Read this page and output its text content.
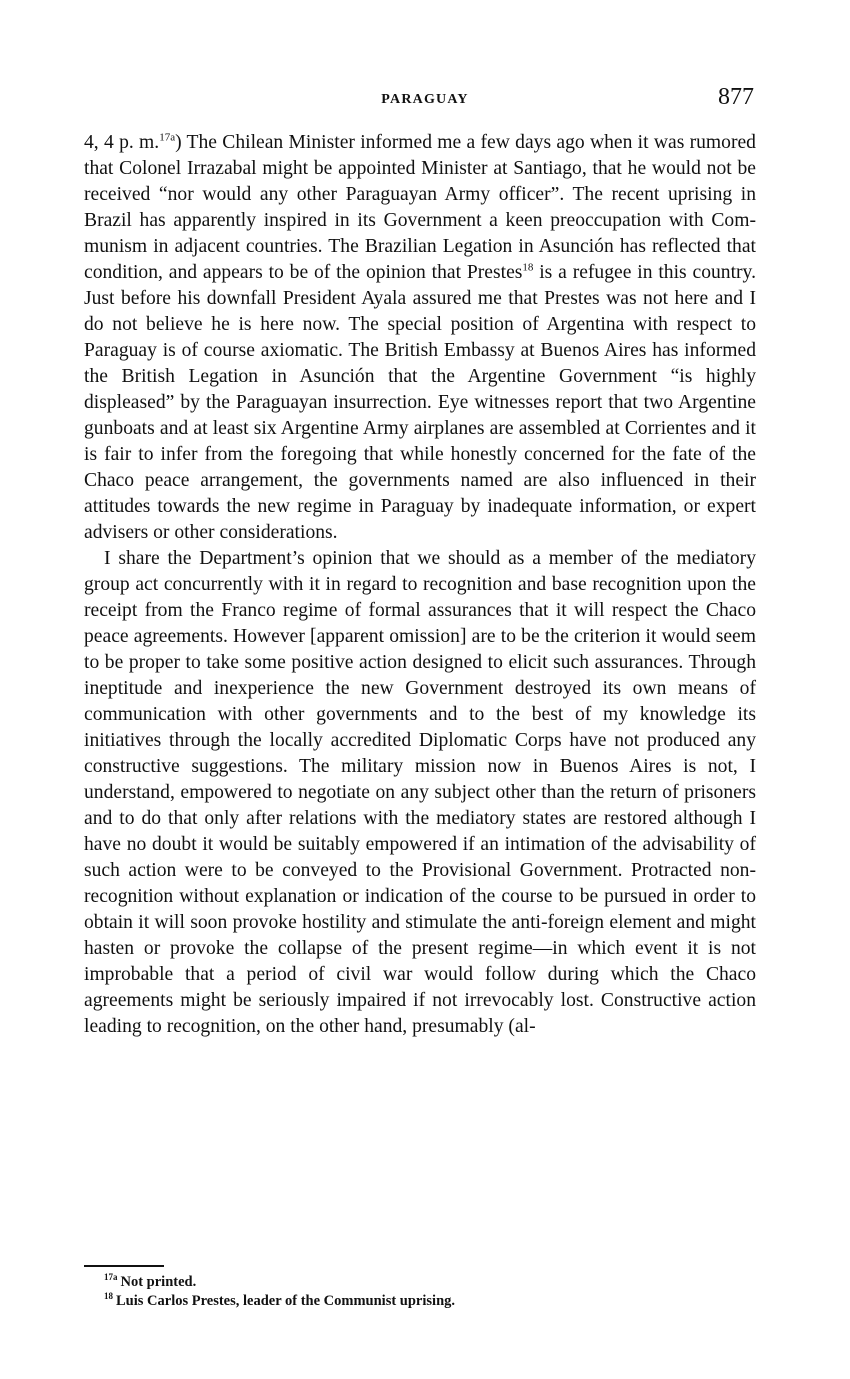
PARAGUAY	877

4, 4 p. m.$^{17a}$) The Chilean Minister informed me a few days ago when it was rumored that Colonel Irrazabal might be appointed Minister at Santiago, that he would not be received “nor would any other Paraguayan Army officer”. The recent uprising in Brazil has apparently inspired in its Government a keen preoccupation with Communism in adjacent countries. The Brazilian Legation in Asunción has reflected that condition, and appears to be of the opinion that Prestes$^{18}$ is a refugee in this country. Just before his downfall President Ayala assured me that Prestes was not here and I do not believe he is here now. The special position of Argentina with respect to Paraguay is of course axiomatic. The British Embassy at Buenos Aires has informed the British Legation in Asunción that the Argentine Government “is highly displeased” by the Paraguayan insurrection. Eye witnesses report that two Argentine gunboats and at least six Argentine Army airplanes are assembled at Corrientes and it is fair to infer from the foregoing that while honestly concerned for the fate of the Chaco peace arrangement, the governments named are also influenced in their attitudes towards the new regime in Paraguay by inadequate information, or expert advisers or other considerations.

I share the Department’s opinion that we should as a member of the mediatory group act concurrently with it in regard to recognition and base recognition upon the receipt from the Franco regime of formal assurances that it will respect the Chaco peace agreements. However [apparent omission] are to be the criterion it would seem to be proper to take some positive action designed to elicit such assurances. Through ineptitude and inexperience the new Government destroyed its own means of communication with other governments and to the best of my knowledge its initiatives through the locally accredited Diplomatic Corps have not produced any constructive suggestions. The military mission now in Buenos Aires is not, I understand, empowered to negotiate on any subject other than the return of prisoners and to do that only after relations with the mediatory states are restored although I have no doubt it would be suitably empowered if an intimation of the advisability of such action were to be conveyed to the Provisional Government. Protracted nonrecognition without explanation or indication of the course to be pursued in order to obtain it will soon provoke hostility and stimulate the anti-foreign element and might hasten or provoke the collapse of the present regime—in which event it is not improbable that a period of civil war would follow during which the Chaco agreements might be seriously impaired if not irrevocably lost. Constructive action leading to recognition, on the other hand, presumably (al-

$^{17a}$ Not printed.
$^{18}$ Luis Carlos Prestes, leader of the Communist uprising.
